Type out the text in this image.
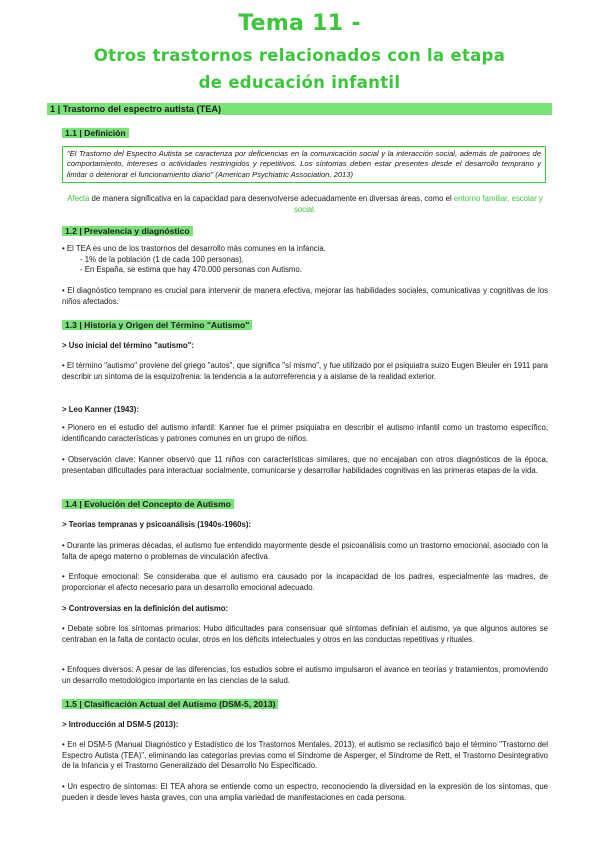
Tema 11 -
Otros trastornos relacionados con la etapa
de educación infantil
1 | Trastorno del espectro autista (TEA)
1.1 | Definición

"El Trastorno del Espectro Autista se caracteriza por deficiencias en la comunicación social y la interacción social, además de patrones de comportamiento, intereses o actividades restringidos y repetitivos. Los síntomas deben estar presentes desde el desarrollo temprano y limitar o deteriorar el funcionamiento diario" (American Psychiatric Association, 2013)

Afecta de manera significativa en la capacidad para desenvolverse adecuadamente en diversas áreas, como el entorno familiar, escolar y social.

1.2 | Prevalencia y diagnóstico

• El TEA es uno de los trastornos del desarrollo más comunes en la infancia.
- 1% de la población (1 de cada 100 personas).
- En España, se estima que hay 470.000 personas con Autismo.

• El diagnóstico temprano es crucial para intervenir de manera efectiva, mejorar las habilidades sociales, comunicativas y cognitivas de los niños afectados.

1.3 | Historia y Origen del Término "Autismo"
> Uso inicial del término "autismo":

• El término "autismo" proviene del griego "autos", que significa "sí mismo", y fue utilizado por el psiquiatra suizo Eugen Bleuler en 1911 para describir un síntoma de la esquizofrenia: la tendencia a la autorreferencia y a aislarse de la realidad exterior.

> Leo Kanner (1943):

• Pionero en el estudio del autismo infantil: Kanner fue el primer psiquiatra en describir el autismo infantil como un trastorno específico, identificando características y patrones comunes en un grupo de niños.

• Observación clave: Kanner observó que 11 niños con características similares, que no encajaban con otros diagnósticos de la época, presentaban dificultades para interactuar socialmente, comunicarse y desarrollar habilidades cognitivas en las primeras etapas de la vida.

1.4 | Evolución del Concepto de Autismo
> Teorías tempranas y psicoanálisis (1940s-1960s):

• Durante las primeras décadas, el autismo fue entendido mayormente desde el psicoanálisis como un trastorno emocional, asociado con la falta de apego materno o problemas de vinculación afectiva.

• Enfoque emocional: Se consideraba que el autismo era causado por la incapacidad de los padres, especialmente las madres, de proporcionar el afecto necesario para un desarrollo emocional adecuado.

> Controversias en la definición del autismo:

• Debate sobre los síntomas primarios: Hubo dificultades para consensuar qué síntomas definían el autismo, ya que algunos autores se centraban en la falta de contacto ocular, otros en los déficits intelectuales y otros en las conductas repetitivas y rituales.

• Enfoques diversos: A pesar de las diferencias, los estudios sobre el autismo impulsaron el avance en teorías y tratamientos, promoviendo un desarrollo metodológico importante en las ciencias de la salud.

1.5 | Clasificación Actual del Autismo (DSM-5, 2013)
> Introducción al DSM-5 (2013):

• En el DSM-5 (Manual Diagnóstico y Estadístico de los Trastornos Mentales, 2013), el autismo se reclasificó bajo el término "Trastorno del Espectro Autista (TEA)", eliminando las categorías previas como el Síndrome de Asperger, el Síndrome de Rett, el Trastorno Desintegrativo de la Infancia y el Trastorno Generalizado del Desarrollo No Especificado.

• Un espectro de síntomas: El TEA ahora se entiende como un espectro, reconociendo la diversidad en la expresión de los síntomas, que pueden ir desde leves hasta graves, con una amplia variedad de manifestaciones en cada persona.
